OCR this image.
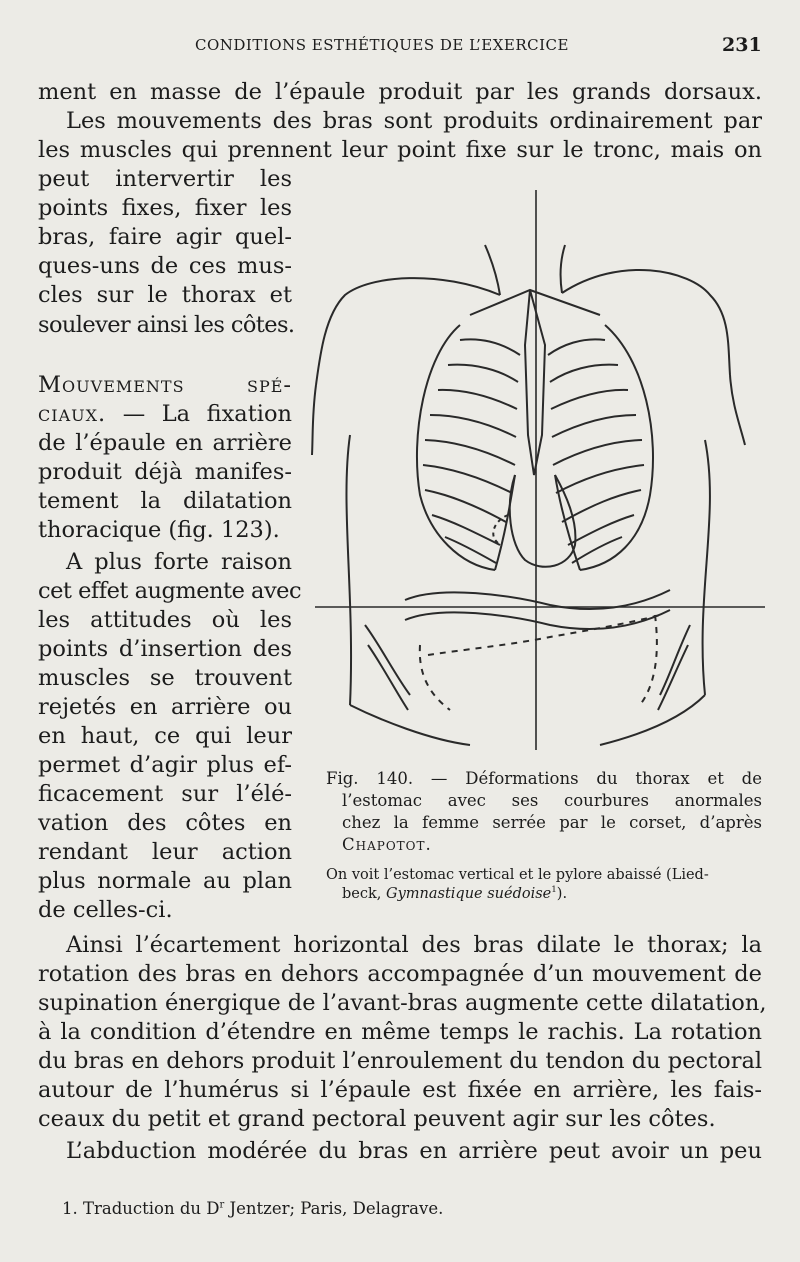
CONDITIONS ESTHÉTIQUES DE L’EXERCICE	231
ment en masse de l’épaule produit par les grands dorsaux.
Les mouvements des bras sont produits ordinairement par
les muscles qui prennent leur point fixe sur le tronc, mais on
peut intervertir les
points fixes, fixer les
bras, faire agir quel-
ques-uns de ces mus-
cles sur le thorax et
soulever ainsi les côtes.
Mouvements spé-
ciaux. — La fixation
de l’épaule en arrière
produit déjà manifes-
tement la dilatation
thoracique (fig. 123).
A plus forte raison
cet effet augmente avec
les attitudes où les
points d’insertion des
muscles se trouvent
rejetés en arrière ou
en haut, ce qui leur
permet d’agir plus ef-
ficacement sur l’élé-
vation des côtes en
rendant leur action
plus normale au plan
de celles-ci.
Fig. 140. — Déformations du thorax et de
l’estomac avec ses courbures anormales
chez la femme serrée par le corset, d’après
Chapotot.
On voit l’estomac vertical et le pylore abaissé (Lied-
beck, Gymnastique suédoise$^1$).
Ainsi l’écartement horizontal des bras dilate le thorax; la
rotation des bras en dehors accompagnée d’un mouvement de
supination énergique de l’avant-bras augmente cette dilatation,
à la condition d’étendre en même temps le rachis. La rotation
du bras en dehors produit l’enroulement du tendon du pectoral
autour de l’humérus si l’épaule est fixée en arrière, les fais-
ceaux du petit et grand pectoral peuvent agir sur les côtes.
L’abduction modérée du bras en arrière peut avoir un peu
1. Traduction du $D^r$ Jentzer; Paris, Delagrave.
